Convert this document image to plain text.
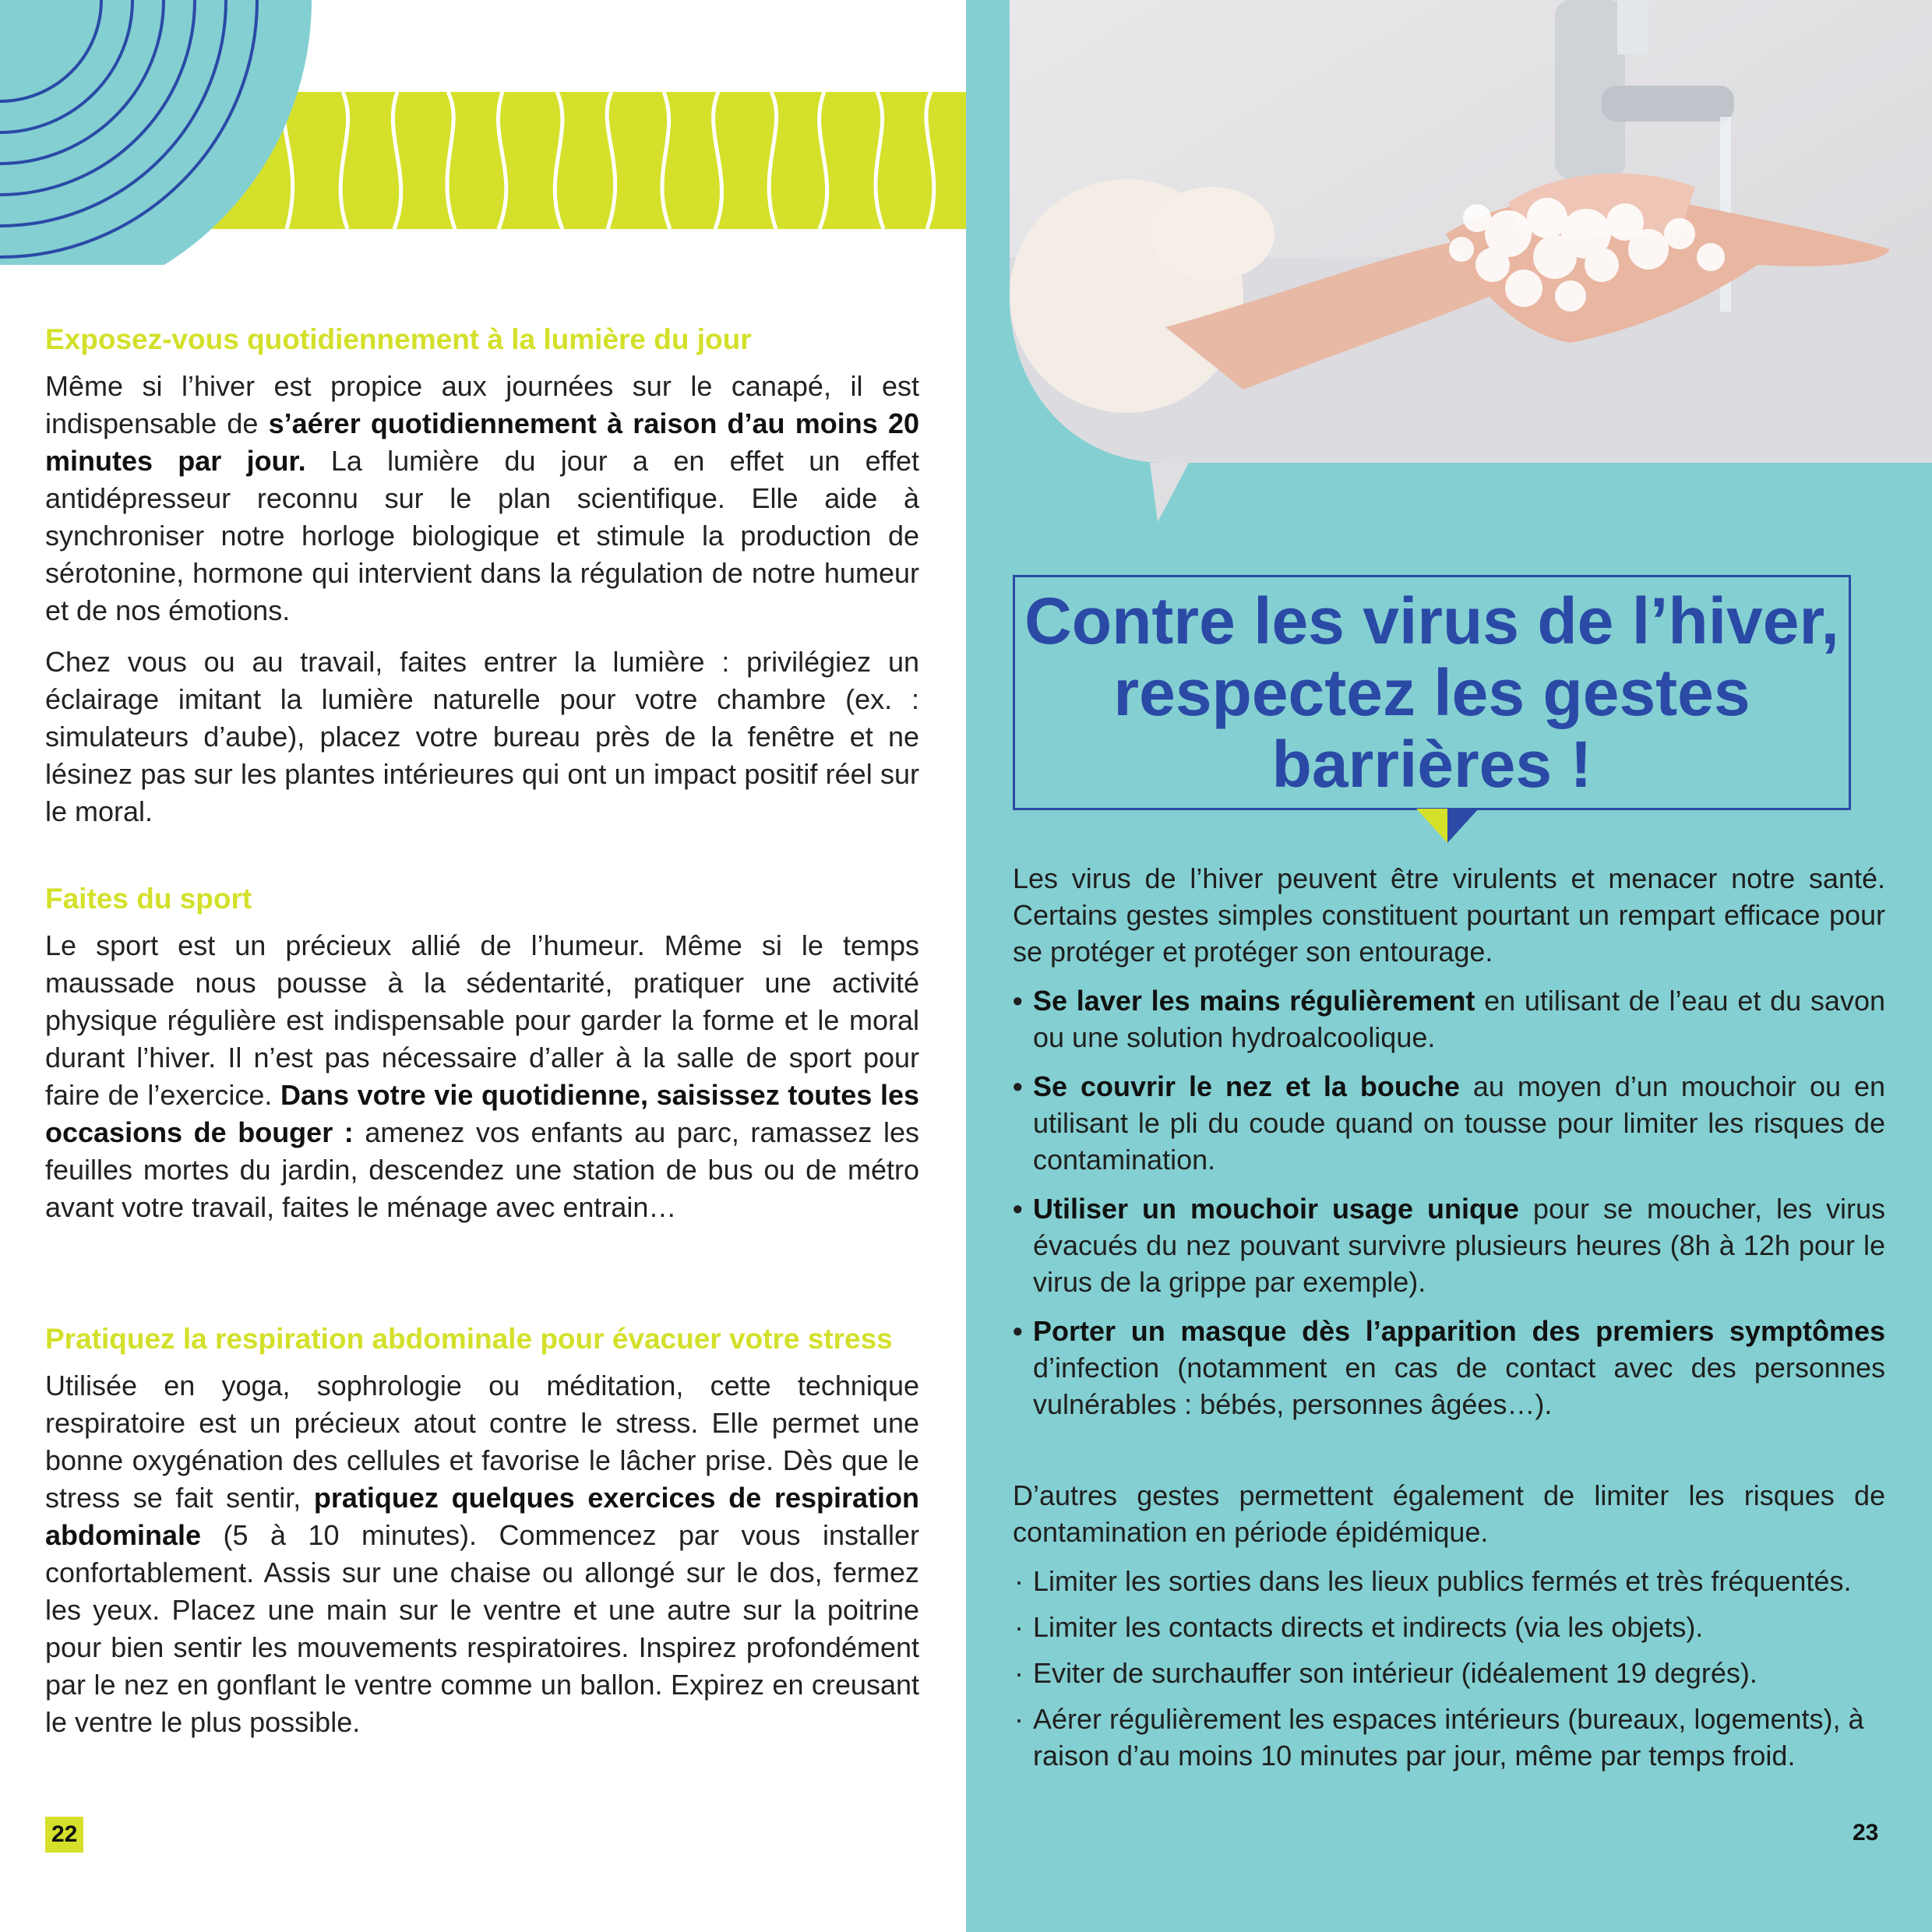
Exposez-vous quotidiennement à la lumière du jour

Même si l’hiver est propice aux journées sur le canapé, il est indispensable de s’aérer quotidiennement à raison d’au moins 20 minutes par jour. La lumière du jour a en effet un effet antidépresseur reconnu sur le plan scientifique. Elle aide à synchroniser notre horloge biologique et stimule la production de sérotonine, hormone qui intervient dans la régulation de notre humeur et de nos émotions.

Chez vous ou au travail, faites entrer la lumière : privilégiez un éclairage imitant la lumière naturelle pour votre chambre (ex. : simulateurs d’aube), placez votre bureau près de la fenêtre et ne lésinez pas sur les plantes intérieures qui ont un impact positif réel sur le moral.

Faites du sport

Le sport est un précieux allié de l’humeur. Même si le temps maussade nous pousse à la sédentarité, pratiquer une activité physique régulière est indispensable pour garder la forme et le moral durant l’hiver. Il n’est pas nécessaire d’aller à la salle de sport pour faire de l’exercice. Dans votre vie quotidienne, saisissez toutes les occasions de bouger : amenez vos enfants au parc, ramassez les feuilles mortes du jardin, descendez une station de bus ou de métro avant votre travail, faites le ménage avec entrain…

Pratiquez la respiration abdominale pour évacuer votre stress

Utilisée en yoga, sophrologie ou méditation, cette technique respiratoire est un précieux atout contre le stress. Elle permet une bonne oxygénation des cellules et favorise le lâcher prise. Dès que le stress se fait sentir, pratiquez quelques exercices de respiration abdominale (5 à 10 minutes). Commencez par vous installer confortablement. Assis sur une chaise ou allongé sur le dos, fermez les yeux. Placez une main sur le ventre et une autre sur la poitrine pour bien sentir les mouvements respiratoires. Inspirez profondément par le nez en gonflant le ventre comme un ballon. Expirez en creusant le ventre le plus possible.

22
Contre les virus de l’hiver,
respectez les gestes
barrières !

Les virus de l’hiver peuvent être virulents et menacer notre santé. Certains gestes simples constituent pourtant un rempart efficace pour se protéger et protéger son entourage.

• Se laver les mains régulièrement en utilisant de l’eau et du savon ou une solution hydroalcoolique.
• Se couvrir le nez et la bouche au moyen d’un mouchoir ou en utilisant le pli du coude quand on tousse pour limiter les risques de contamination.
• Utiliser un mouchoir usage unique pour se moucher, les virus évacués du nez pouvant survivre plusieurs heures (8h à 12h pour le virus de la grippe par exemple).
• Porter un masque dès l’apparition des premiers symptômes d’infection (notamment en cas de contact avec des personnes vulnérables : bébés, personnes âgées…).

D’autres gestes permettent également de limiter les risques de contamination en période épidémique.

· Limiter les sorties dans les lieux publics fermés et très fréquentés.
· Limiter les contacts directs et indirects (via les objets).
· Eviter de surchauffer son intérieur (idéalement 19 degrés).
· Aérer régulièrement les espaces intérieurs (bureaux, logements), à raison d’au moins 10 minutes par jour, même par temps froid.
23
